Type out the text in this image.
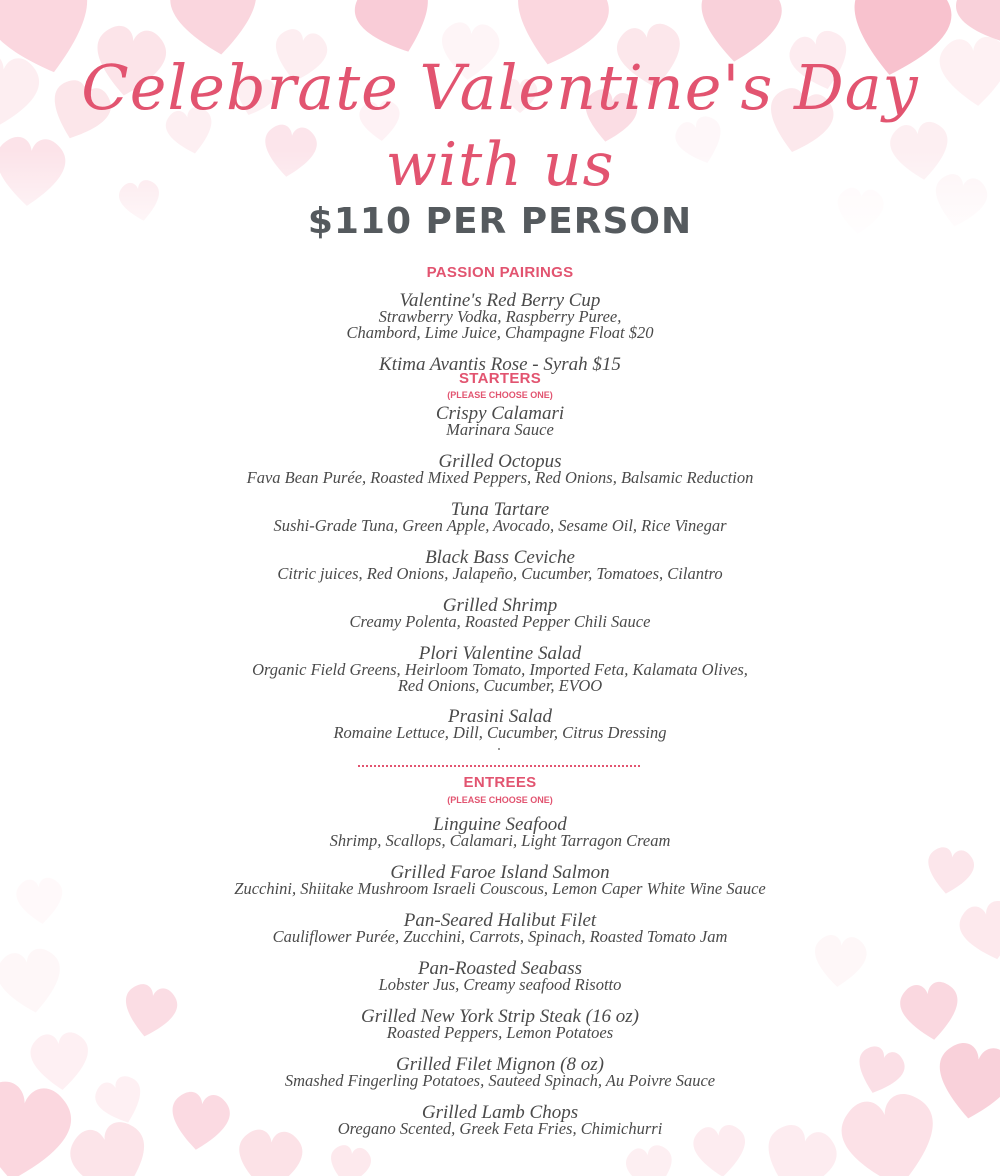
Celebrate Valentine's Day
with us
$110 PER PERSON
PASSION PAIRINGS
Valentine's Red Berry Cup
Strawberry Vodka, Raspberry Puree,
Chambord, Lime Juice, Champagne Float $20
Ktima Avantis Rose - Syrah $15
STARTERS
(PLEASE CHOOSE ONE)
Crispy Calamari
Marinara Sauce
Grilled Octopus
Fava Bean Purée, Roasted Mixed Peppers, Red Onions, Balsamic Reduction
Tuna Tartare
Sushi-Grade Tuna, Green Apple, Avocado, Sesame Oil, Rice Vinegar
Black Bass Ceviche
Citric juices, Red Onions, Jalapeño, Cucumber, Tomatoes, Cilantro
Grilled Shrimp
Creamy Polenta, Roasted Pepper Chili Sauce
Plori Valentine Salad
Organic Field Greens, Heirloom Tomato, Imported Feta, Kalamata Olives,
Red Onions, Cucumber, EVOO
Prasini Salad
Romaine Lettuce, Dill, Cucumber, Citrus Dressing
ENTREES
(PLEASE CHOOSE ONE)
Linguine Seafood
Shrimp, Scallops, Calamari, Light Tarragon Cream
Grilled Faroe Island Salmon
Zucchini, Shiitake Mushroom Israeli Couscous, Lemon Caper White Wine Sauce
Pan-Seared Halibut Filet
Cauliflower Purée, Zucchini, Carrots, Spinach, Roasted Tomato Jam
Pan-Roasted Seabass
Lobster Jus, Creamy seafood Risotto
Grilled New York Strip Steak (16 oz)
Roasted Peppers, Lemon Potatoes
Grilled Filet Mignon (8 oz)
Smashed Fingerling Potatoes, Sauteed Spinach, Au Poivre Sauce
Grilled Lamb Chops
Oregano Scented, Greek Feta Fries, Chimichurri
